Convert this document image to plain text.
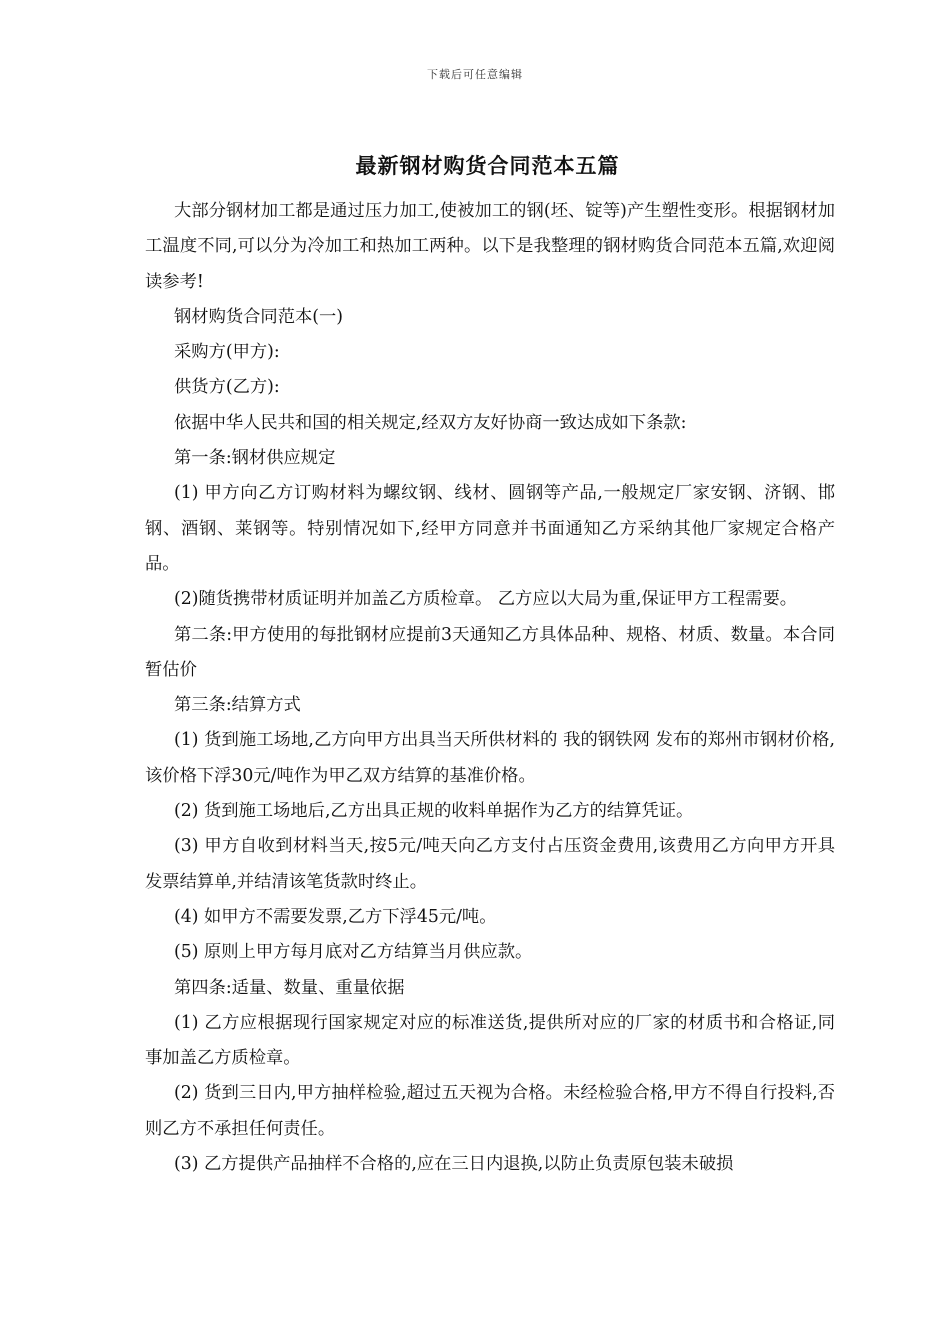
下载后可任意编辑
最新钢材购货合同范本五篇

大部分钢材加工都是通过压力加工,使被加工的钢(坯、锭等)产生塑性变形。根据钢材加工温度不同,可以分为冷加工和热加工两种。以下是我整理的钢材购货合同范本五篇,欢迎阅读参考!

钢材购货合同范本(一)

采购方(甲方):

供货方(乙方):

依据中华人民共和国的相关规定,经双方友好协商一致达成如下条款:

第一条:钢材供应规定

(1) 甲方向乙方订购材料为螺纹钢、线材、圆钢等产品,一般规定厂家安钢、济钢、邯钢、酒钢、莱钢等。特别情况如下,经甲方同意并书面通知乙方采纳其他厂家规定合格产品。

(2)随货携带材质证明并加盖乙方质检章。 乙方应以大局为重,保证甲方工程需要。

第二条:甲方使用的每批钢材应提前3天通知乙方具体品种、规格、材质、数量。本合同暂估价

第三条:结算方式

(1) 货到施工场地,乙方向甲方出具当天所供材料的 我的钢铁网 发布的郑州市钢材价格,该价格下浮30元/吨作为甲乙双方结算的基准价格。

(2) 货到施工场地后,乙方出具正规的收料单据作为乙方的结算凭证。

(3) 甲方自收到材料当天,按5元/吨天向乙方支付占压资金费用,该费用乙方向甲方开具发票结算单,并结清该笔货款时终止。

(4) 如甲方不需要发票,乙方下浮45元/吨。

(5) 原则上甲方每月底对乙方结算当月供应款。

第四条:适量、数量、重量依据

(1) 乙方应根据现行国家规定对应的标准送货,提供所对应的厂家的材质书和合格证,同事加盖乙方质检章。

(2) 货到三日内,甲方抽样检验,超过五天视为合格。未经检验合格,甲方不得自行投料,否则乙方不承担任何责任。

(3) 乙方提供产品抽样不合格的,应在三日内退换,以防止负责原包装未破损
